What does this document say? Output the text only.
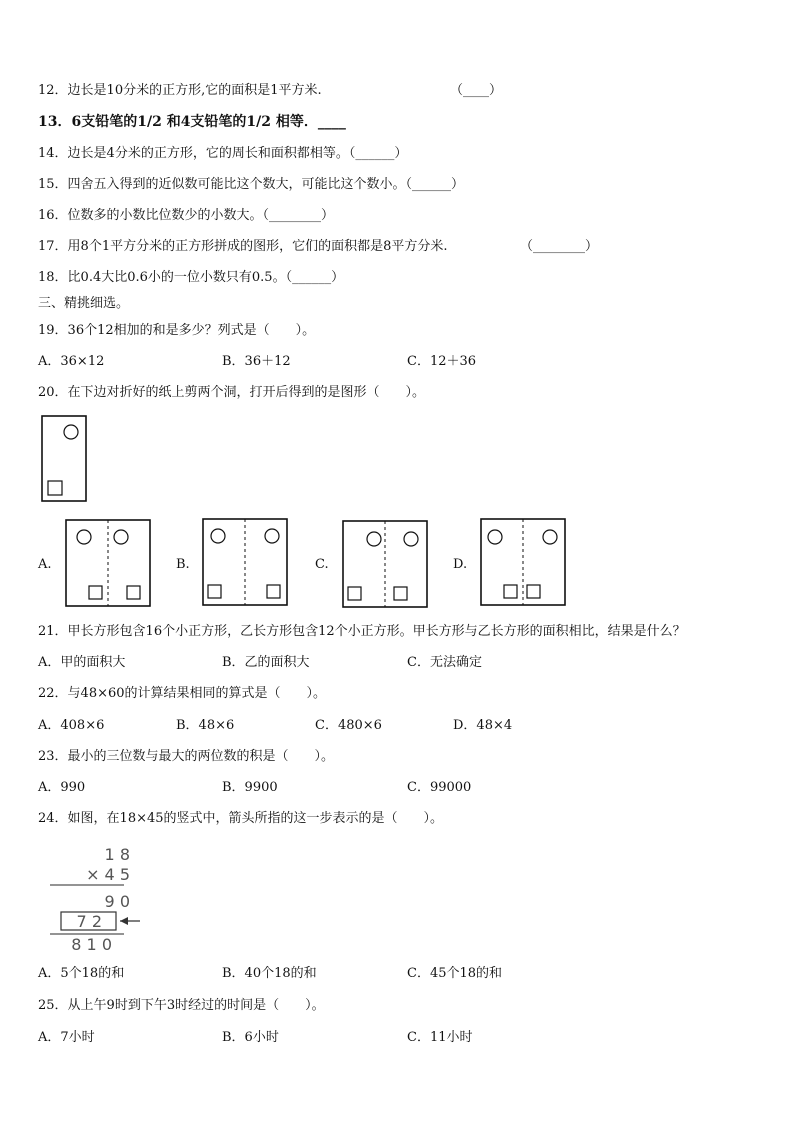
12．边长是10分米的正方形,它的面积是1平方米.	（____）
13．6支铅笔的1/2 和4支铅笔的1/2 相等．____
14．边长是4分米的正方形，它的周长和面积都相等。（______）
15．四舍五入得到的近似数可能比这个数大，可能比这个数小。（______）
16．位数多的小数比位数少的小数大。（________）
17．用8个1平方分米的正方形拼成的图形，它们的面积都是8平方分米.	（________）
18．比0.4大比0.6小的一位小数只有0.5。（______）
三、精挑细选。
19．36个12相加的和是多少？列式是（　　）。
A．36×12	B．36＋12	C．12＋36
20．在下边对折好的纸上剪两个洞，打开后得到的是图形（　　）。
A.	B.	C.	D.
21．甲长方形包含16个小正方形，乙长方形包含12个小正方形。甲长方形与乙长方形的面积相比，结果是什么？
A．甲的面积大	B．乙的面积大	C．无法确定
22．与48×60的计算结果相同的算式是（　　）。
A．408×6	B．48×6	C．480×6	D．48×4
23．最小的三位数与最大的两位数的积是（　　）。
A．990	B．9900	C．99000
24．如图，在18×45的竖式中，箭头所指的这一步表示的是（　　）。
1 8
× 4 5
9 0
7 2
8 1 0
A．5个18的和	B．40个18的和	C．45个18的和
25．从上午9时到下午3时经过的时间是（　　）。
A．7小时	B．6小时	C．11小时
